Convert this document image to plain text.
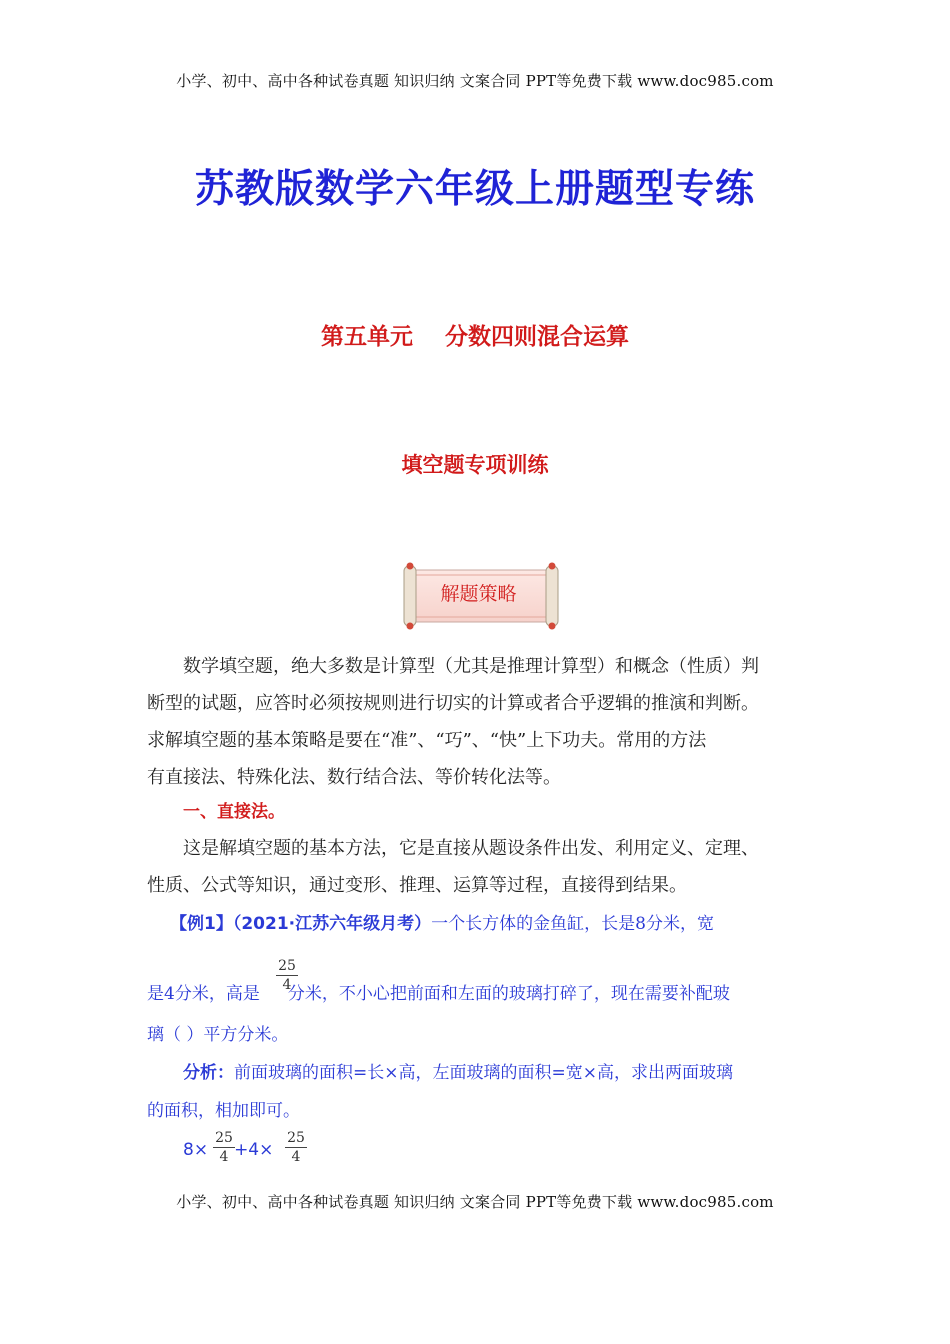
小学、初中、高中各种试卷真题 知识归纳 文案合同 PPT等免费下载 www.doc985.com
苏教版数学六年级上册题型专练
第五单元    分数四则混合运算
填空题专项训练
解题策略
数学填空题，绝大多数是计算型（尤其是推理计算型）和概念（性质）判
断型的试题，应答时必须按规则进行切实的计算或者合乎逻辑的推演和判断。
求解填空题的基本策略是要在“准”、“巧”、“快”上下功夫。常用的方法
有直接法、特殊化法、数行结合法、等价转化法等。
一、直接法。
这是解填空题的基本方法，它是直接从题设条件出发、利用定义、定理、
性质、公式等知识，通过变形、推理、运算等过程，直接得到结果。
【例1】（2021·江苏六年级月考）一个长方体的金鱼缸，长是8分米，宽
25
4
是4分米，高是 分米，不小心把前面和左面的玻璃打碎了，现在需要补配玻
璃（ ）平方分米。
分析：前面玻璃的面积=长×高，左面玻璃的面积=宽×高，求出两面玻璃
的面积，相加即可。
8× +4×
25
4
25
4
小学、初中、高中各种试卷真题 知识归纳 文案合同 PPT等免费下载 www.doc985.com
